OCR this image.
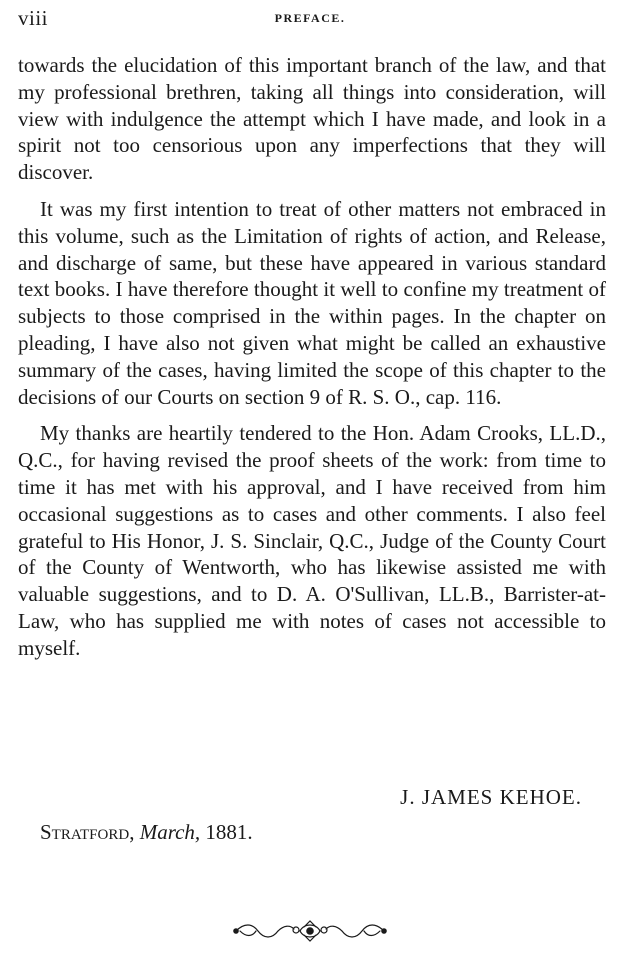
viii	PREFACE.

towards the elucidation of this important branch of the law, and that my professional brethren, taking all things into consideration, will view with indulgence the attempt which I have made, and look in a spirit not too censorious upon any imperfections that they will discover.

It was my first intention to treat of other matters not embraced in this volume, such as the Limitation of rights of action, and Release, and discharge of same, but these have appeared in various standard text books. I have therefore thought it well to confine my treatment of subjects to those comprised in the within pages. In the chapter on pleading, I have also not given what might be called an exhaustive summary of the cases, having limited the scope of this chapter to the decisions of our Courts on section 9 of R. S. O., cap. 116.

My thanks are heartily tendered to the Hon. Adam Crooks, LL.D., Q.C., for having revised the proof sheets of the work: from time to time it has met with his approval, and I have received from him occasional suggestions as to cases and other comments. I also feel grateful to His Honor, J. S. Sinclair, Q.C., Judge of the County Court of the County of Wentworth, who has likewise assisted me with valuable suggestions, and to D. A. O'Sullivan, LL.B., Barrister-at-Law, who has supplied me with notes of cases not accessible to myself.

J. JAMES KEHOE.
Stratford, March, 1881.
